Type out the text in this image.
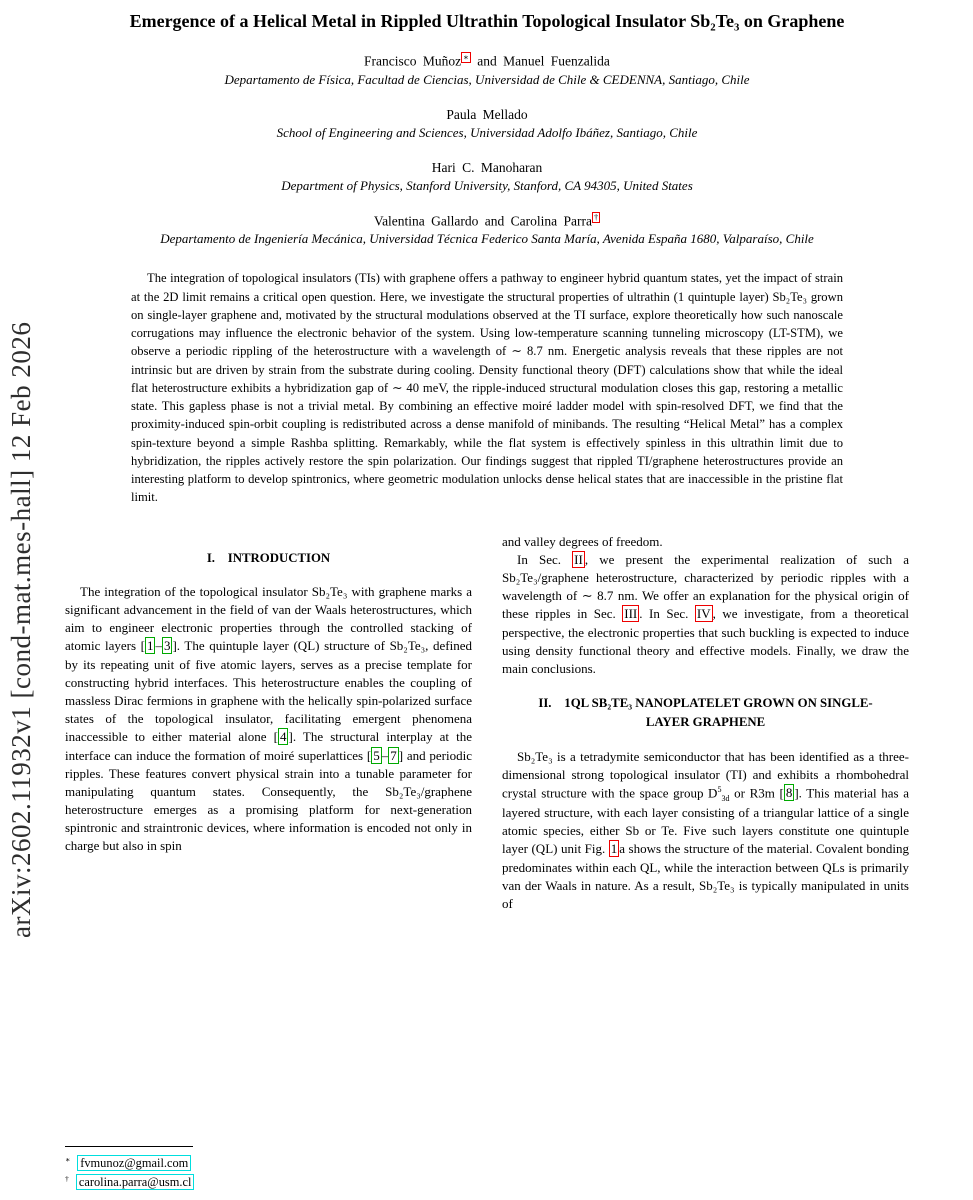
arXiv:2602.11932v1 [cond-mat.mes-hall] 12 Feb 2026
Emergence of a Helical Metal in Rippled Ultrathin Topological Insulator Sb₂Te₃ on Graphene
Francisco Muñoz ∗ and Manuel Fuenzalida
Departamento de Física, Facultad de Ciencias, Universidad de Chile & CEDENNA, Santiago, Chile
Paula Mellado
School of Engineering and Sciences, Universidad Adolfo Ibáñez, Santiago, Chile
Hari C. Manoharan
Department of Physics, Stanford University, Stanford, CA 94305, United States
Valentina Gallardo and Carolina Parra †
Departamento de Ingeniería Mecánica, Universidad Técnica Federico Santa María, Avenida España 1680, Valparaíso, Chile
The integration of topological insulators (TIs) with graphene offers a pathway to engineer hybrid quantum states, yet the impact of strain at the 2D limit remains a critical open question. Here, we investigate the structural properties of ultrathin (1 quintuple layer) Sb₂Te₃ grown on single-layer graphene and, motivated by the structural modulations observed at the TI surface, explore theoretically how such nanoscale corrugations may influence the electronic behavior of the system. Using low-temperature scanning tunneling microscopy (LT-STM), we observe a periodic rippling of the heterostructure with a wavelength of ∼ 8.7 nm. Energetic analysis reveals that these ripples are not intrinsic but are driven by strain from the substrate during cooling. Density functional theory (DFT) calculations show that while the ideal flat heterostructure exhibits a hybridization gap of ∼ 40 meV, the ripple-induced structural modulation closes this gap, restoring a metallic state. This gapless phase is not a trivial metal. By combining an effective moiré ladder model with spin-resolved DFT, we find that the proximity-induced spin-orbit coupling is redistributed across a dense manifold of minibands. The resulting “Helical Metal” has a complex spin-texture beyond a simple Rashba splitting. Remarkably, while the flat system is effectively spinless in this ultrathin limit due to hybridization, the ripples actively restore the spin polarization. Our findings suggest that rippled TI/graphene heterostructures provide an interesting platform to develop spintronics, where geometric modulation unlocks dense helical states that are inaccessible in the pristine flat limit.
I.  INTRODUCTION

The integration of the topological insulator Sb₂Te₃ with graphene marks a significant advancement in the field of van der Waals heterostructures, which aim to engineer electronic properties through the controlled stacking of atomic layers [ 1 – 3 ]. The quintuple layer (QL) structure of Sb₂Te₃, defined by its repeating unit of five atomic layers, serves as a precise template for constructing hybrid interfaces. This heterostructure enables the coupling of massless Dirac fermions in graphene with the helically spin-polarized surface states of the topological insulator, facilitating emergent phenomena inaccessible to either material alone [ 4 ]. The structural interplay at the interface can induce the formation of moiré superlattices [ 5 – 7 ] and periodic ripples. These features convert physical strain into a tunable parameter for manipulating quantum states. Consequently, the Sb₂Te₃/graphene heterostructure emerges as a promising platform for next-generation spintronic and straintronic devices, where information is encoded not only in charge but also in spin

and valley degrees of freedom.

In Sec. II , we present the experimental realization of such a Sb₂Te₃/graphene heterostructure, characterized by periodic ripples with a wavelength of ∼ 8.7 nm. We offer an explanation for the physical origin of these ripples in Sec. III . In Sec. IV , we investigate, from a theoretical perspective, the electronic properties that such buckling is expected to induce using density functional theory and effective models. Finally, we draw the main conclusions.

II.  1QL SB₂TE₃ NANOPLATELET GROWN ON SINGLE-LAYER GRAPHENE

Sb₂Te₃ is a tetradymite semiconductor that has been identified as a three-dimensional strong topological insulator (TI) and exhibits a rhombohedral crystal structure with the space group $D^5_{3d}$ or R3m [ 8 ]. This material has a layered structure, with each layer consisting of a triangular lattice of a single atomic species, either Sb or Te. Five such layers constitute one quintuple layer (QL) unit Fig. 1 a shows the structure of the material. Covalent bonding predominates within each QL, while the interaction between QLs is primarily van der Waals in nature. As a result, Sb₂Te₃ is typically manipulated in units of

∗ fvmunoz@gmail.com
† carolina.parra@usm.cl
